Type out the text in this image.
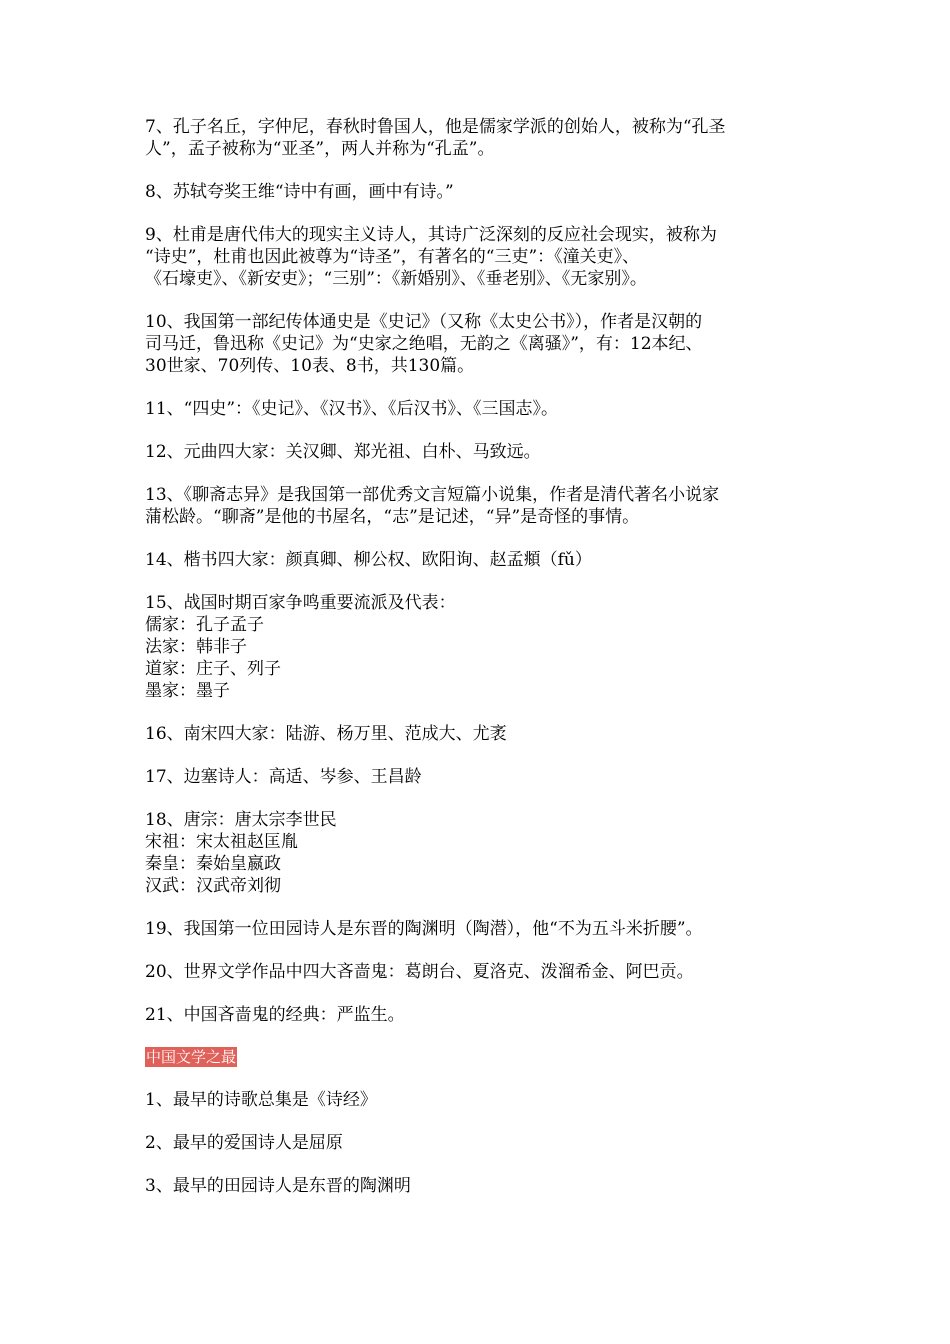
7、孔子名丘，字仲尼，春秋时鲁国人，他是儒家学派的创始人，被称为“孔圣
人”，孟子被称为“亚圣”，两人并称为“孔孟”。

8、苏轼夸奖王维“诗中有画，画中有诗。”

9、杜甫是唐代伟大的现实主义诗人，其诗广泛深刻的反应社会现实，被称为
“诗史”，杜甫也因此被尊为“诗圣”，有著名的“三吏”：《潼关吏》、
《石壕吏》、《新安吏》；“三别”：《新婚别》、《垂老别》、《无家别》。

10、我国第一部纪传体通史是《史记》（又称《太史公书》），作者是汉朝的
司马迁，鲁迅称《史记》为“史家之绝唱，无韵之《离骚》”，有：12本纪、
30世家、70列传、10表、8书，共130篇。

11、“四史”：《史记》、《汉书》、《后汉书》、《三国志》。

12、元曲四大家：关汉卿、郑光祖、白朴、马致远。

13、《聊斋志异》是我国第一部优秀文言短篇小说集，作者是清代著名小说家
蒲松龄。“聊斋”是他的书屋名，“志”是记述，“异”是奇怪的事情。

14、楷书四大家：颜真卿、柳公权、欧阳询、赵孟頫（fǔ）

15、战国时期百家争鸣重要流派及代表：
儒家：孔子孟子
法家：韩非子
道家：庄子、列子
墨家：墨子

16、南宋四大家：陆游、杨万里、范成大、尤袤

17、边塞诗人：高适、岑参、王昌龄

18、唐宗：唐太宗李世民
宋祖：宋太祖赵匡胤
秦皇：秦始皇嬴政
汉武：汉武帝刘彻

19、我国第一位田园诗人是东晋的陶渊明（陶潜），他“不为五斗米折腰”。

20、世界文学作品中四大吝啬鬼：葛朗台、夏洛克、泼溜希金、阿巴贡。

21、中国吝啬鬼的经典：严监生。

中国文学之最

1、最早的诗歌总集是《诗经》

2、最早的爱国诗人是屈原

3、最早的田园诗人是东晋的陶渊明
